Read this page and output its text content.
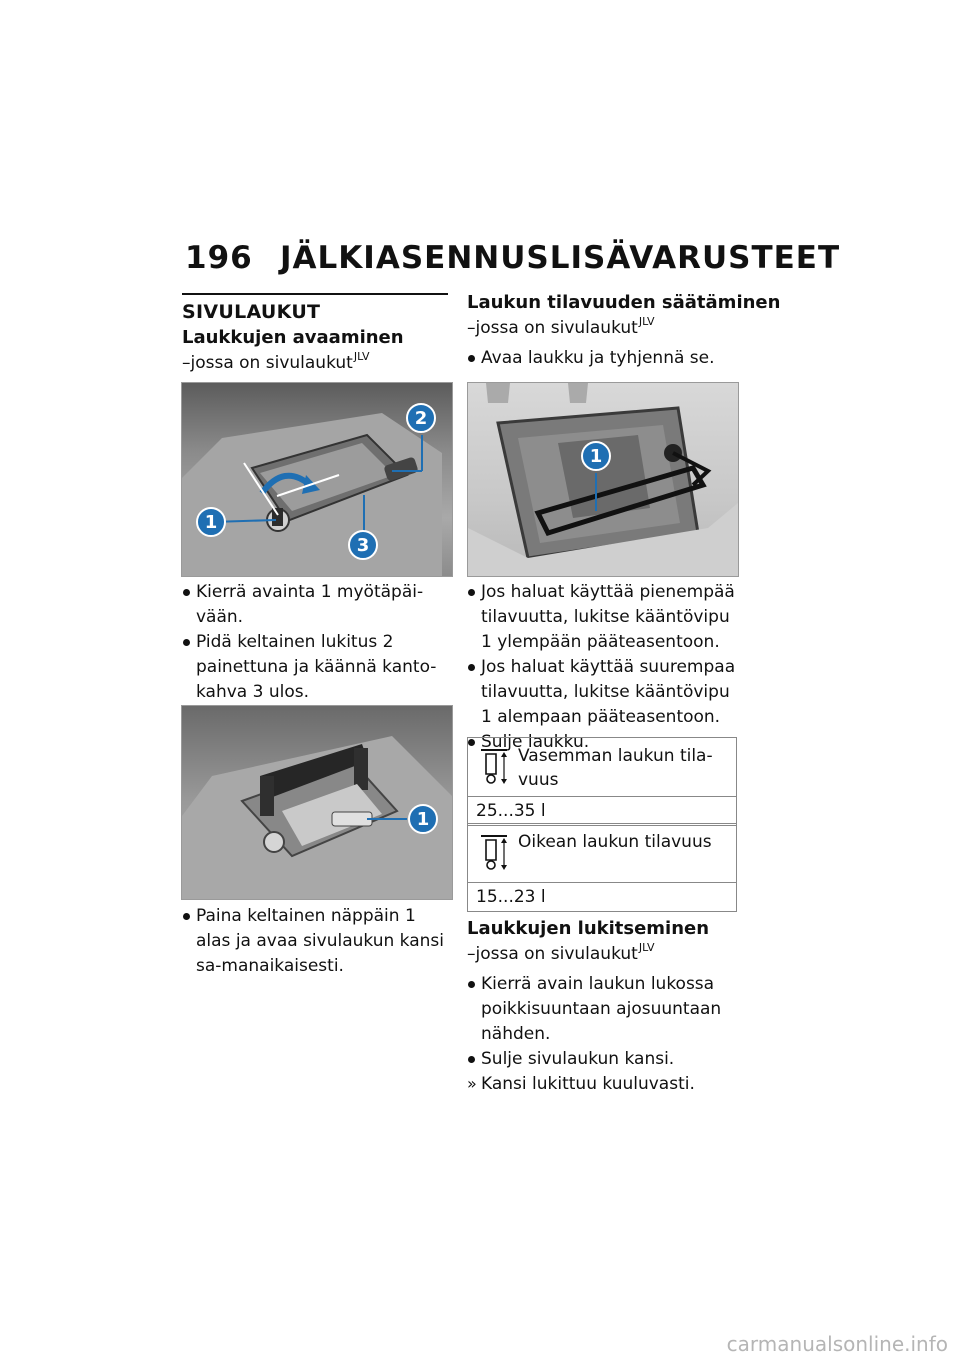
196 JÄLKIASENNUSLISÄVARUSTEET
SIVULAUKUT
Laukkujen avaaminen
–jossa on sivulaukut$^{JLV}$
1
2
3
Kierrä avainta 1 myötäpäi-vään.
Pidä keltainen lukitus 2 painettuna ja käännä kanto-kahva 3 ulos.
1
Paina keltainen näppäin 1 alas ja avaa sivulaukun kansi sa-manaikaisesti.
Laukun tilavuuden säätäminen
–jossa on sivulaukut$^{JLV}$
Avaa laukku ja tyhjennä se.
1
Jos haluat käyttää pienempää tilavuutta, lukitse kääntövipu 1 ylempään pääteasentoon.
Jos haluat käyttää suurempaa tilavuutta, lukitse kääntövipu 1 alempaan pääteasentoon.
Sulje laukku.
Vasemman laukun tila-vuus
25...35 l
Oikean laukun tilavuus
15...23 l
Laukkujen lukitseminen
–jossa on sivulaukut$^{JLV}$
Kierrä avain laukun lukossa poikkisuuntaan ajosuuntaan nähden.
Sulje sivulaukun kansi.
» Kansi lukittuu kuuluvasti.
carmanualsonline.info
